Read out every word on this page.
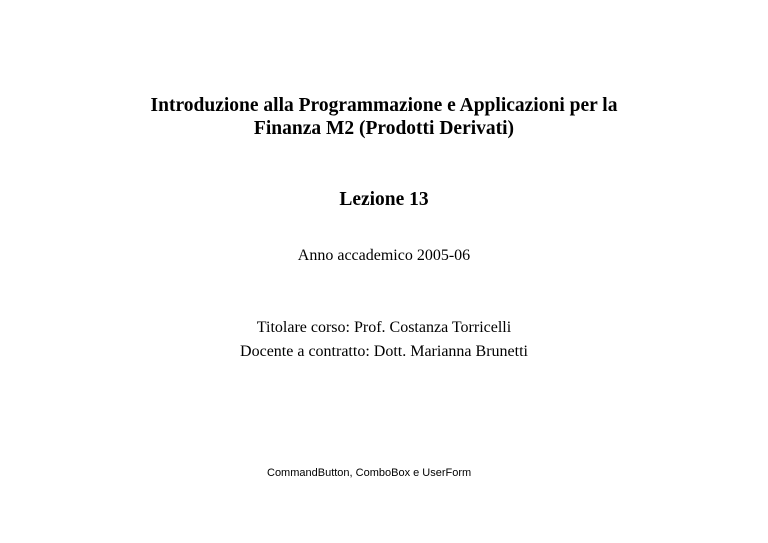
Introduzione alla Programmazione e Applicazioni per la
Finanza M2 (Prodotti Derivati)
Lezione 13
Anno accademico 2005-06
Titolare corso: Prof. Costanza Torricelli
Docente a contratto: Dott. Marianna Brunetti
CommandButton, ComboBox e UserForm
